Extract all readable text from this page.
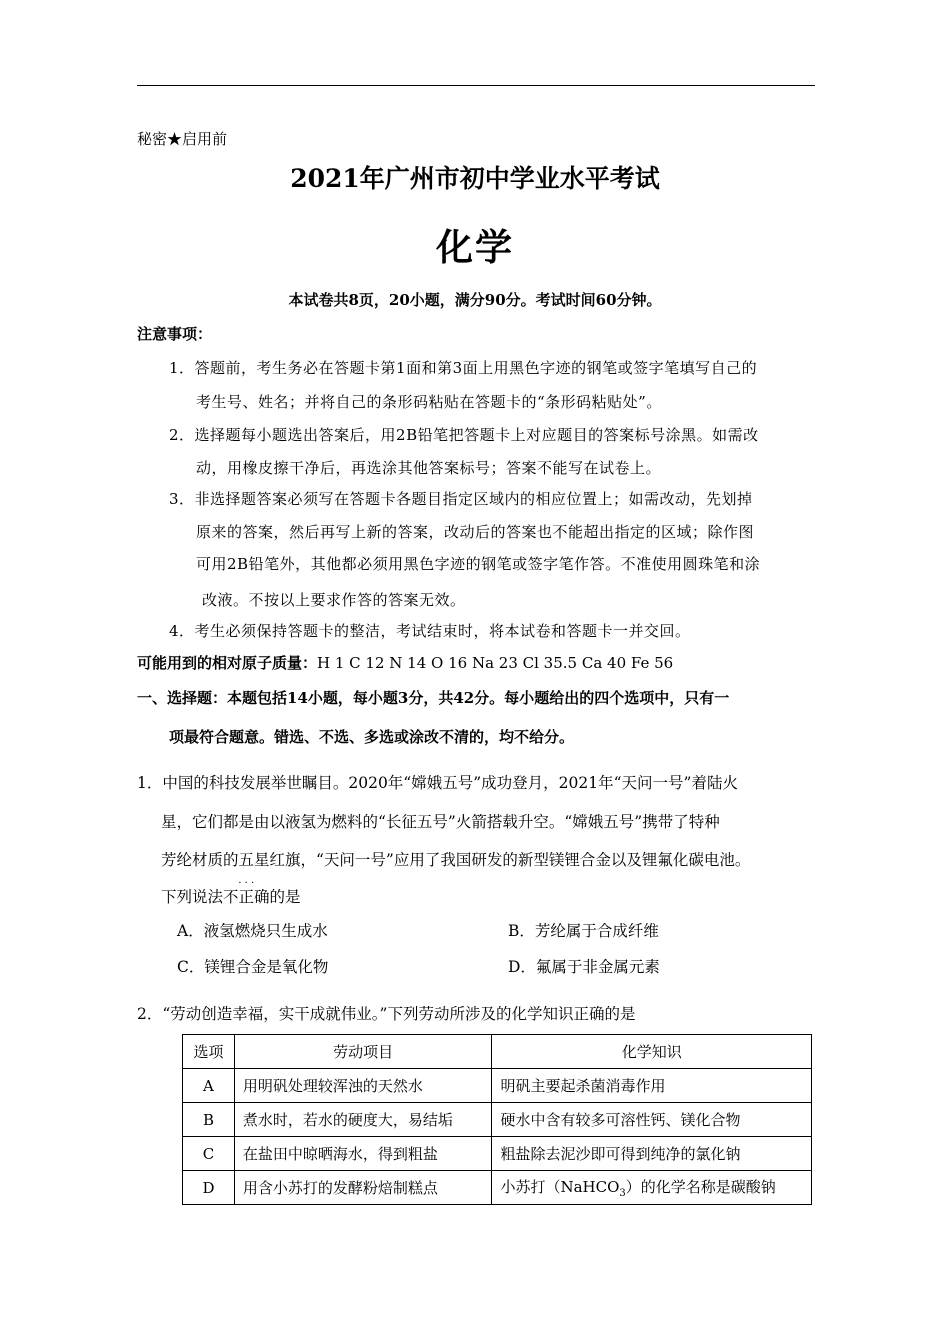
秘密★启用前
2021年广州市初中学业水平考试
化学
本试卷共8页，20小题，满分90分。考试时间60分钟。
注意事项：
1．答题前，考生务必在答题卡第1面和第3面上用黑色字迹的钢笔或签字笔填写自己的
考生号、姓名；并将自己的条形码粘贴在答题卡的“条形码粘贴处”。
2．选择题每小题选出答案后，用2B铅笔把答题卡上对应题目的答案标号涂黑。如需改
动，用橡皮擦干净后，再选涂其他答案标号；答案不能写在试卷上。
3．非选择题答案必须写在答题卡各题目指定区域内的相应位置上；如需改动，先划掉
原来的答案，然后再写上新的答案，改动后的答案也不能超出指定的区域；除作图
可用2B铅笔外，其他都必须用黑色字迹的钢笔或签字笔作答。不准使用圆珠笔和涂
改液。不按以上要求作答的答案无效。
4．考生必须保持答题卡的整洁，考试结束时，将本试卷和答题卡一并交回。
可能用到的相对原子质量：H 1 C 12 N 14 O 16 Na 23 Cl 35.5 Ca 40 Fe 56
一、选择题：本题包括14小题，每小题3分，共42分。每小题给出的四个选项中，只有一
项最符合题意。错选、不选、多选或涂改不清的，均不给分。
1．中国的科技发展举世瞩目。2020年“嫦娥五号”成功登月，2021年“天问一号”着陆火
星，它们都是由以液氢为燃料的“长征五号”火箭搭载升空。“嫦娥五号”携带了特种
芳纶材质的五星红旗，“天问一号”应用了我国研发的新型镁锂合金以及锂氟化碳电池。
下列说法
· · ·
不正确的是
A．液氢燃烧只生成水	B．芳纶属于合成纤维
C．镁锂合金是氧化物	D．氟属于非金属元素
2．“劳动创造幸福，实干成就伟业。”下列劳动所涉及的化学知识正确的是
选项	劳动项目	化学知识
A	用明矾处理较浑浊的天然水	明矾主要起杀菌消毒作用
B	煮水时，若水的硬度大，易结垢	硬水中含有较多可溶性钙、镁化合物
C	在盐田中晾晒海水，得到粗盐	粗盐除去泥沙即可得到纯净的氯化钠
D	用含小苏打的发酵粉焙制糕点	小苏打（NaHCO$_3$）的化学名称是碳酸钠
